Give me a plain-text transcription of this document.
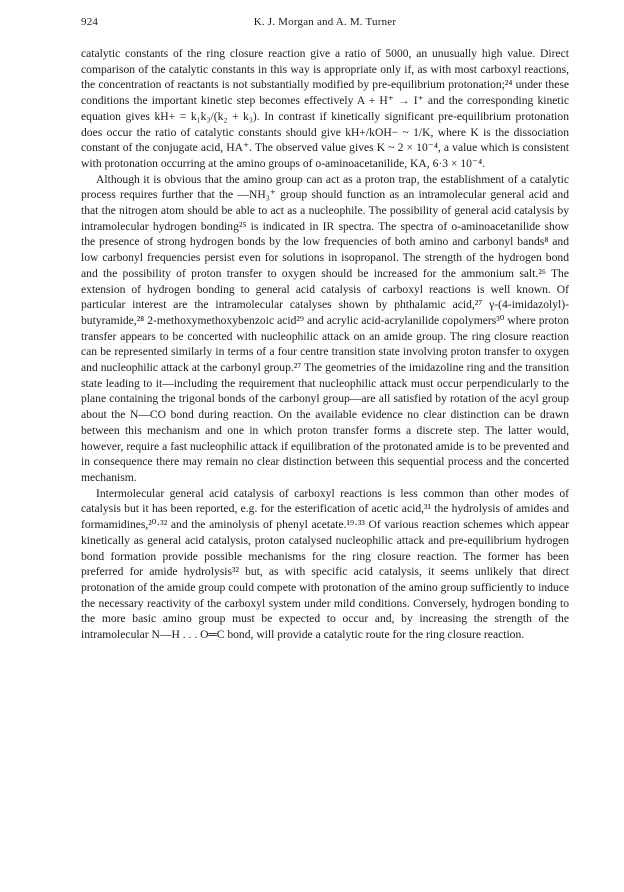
924	K. J. Morgan and A. M. Turner

catalytic constants of the ring closure reaction give a ratio of 5000, an unusually high value. Direct comparison of the catalytic constants in this way is appropriate only if, as with most carboxyl reactions, the concentration of reactants is not substantially modified by pre-equilibrium protonation;²⁴ under these conditions the important kinetic step becomes effectively A + H⁺ → I⁺ and the corresponding kinetic equation gives kH+ = k₁k₃/(k₂ + k₃). In contrast if kinetically significant pre-equilibrium protonation does occur the ratio of catalytic constants should give kH+/kOH− ~ 1/K, where K is the dissociation constant of the conjugate acid, HA⁺. The observed value gives K ~ 2 × 10⁻⁴, a value which is consistent with protonation occurring at the amino groups of o-aminoacetanilide, KA, 6·3 × 10⁻⁴.

Although it is obvious that the amino group can act as a proton trap, the establishment of a catalytic process requires further that the —NH₃⁺ group should function as an intramolecular general acid and that the nitrogen atom should be able to act as a nucleophile. The possibility of general acid catalysis by intramolecular hydrogen bonding²⁵ is indicated in IR spectra. The spectra of o-aminoacetanilide show the presence of strong hydrogen bonds by the low frequencies of both amino and carbonyl bands⁸ and low carbonyl frequencies persist even for solutions in isopropanol. The strength of the hydrogen bond and the possibility of proton transfer to oxygen should be increased for the ammonium salt.²⁶ The extension of hydrogen bonding to general acid catalysis of carboxyl reactions is well known. Of particular interest are the intramolecular catalyses shown by phthalamic acid,²⁷ γ-(4-imidazolyl)-butyramide,²⁸ 2-methoxymethoxybenzoic acid²⁹ and acrylic acid-acrylanilide copolymers³⁰ where proton transfer appears to be concerted with nucleophilic attack on an amide group. The ring closure reaction can be represented similarly in terms of a four centre transition state involving proton transfer to oxygen and nucleophilic attack at the carbonyl group.²⁷ The geometries of the imidazoline ring and the transition state leading to it—including the requirement that nucleophilic attack must occur perpendicularly to the plane containing the trigonal bonds of the carbonyl group—are all satisfied by rotation of the acyl group about the N—CO bond during reaction. On the available evidence no clear distinction can be drawn between this mechanism and one in which proton transfer forms a discrete step. The latter would, however, require a fast nucleophilic attack if equilibration of the protonated amide is to be prevented and in consequence there may remain no clear distinction between this sequential process and the concerted mechanism.

Intermolecular general acid catalysis of carboxyl reactions is less common than other modes of catalysis but it has been reported, e.g. for the esterification of acetic acid,³¹ the hydrolysis of amides and formamidines,²⁰·³² and the aminolysis of phenyl acetate.¹⁹·³³ Of various reaction schemes which appear kinetically as general acid catalysis, proton catalysed nucleophilic attack and pre-equilibrium hydrogen bond formation provide possible mechanisms for the ring closure reaction. The former has been preferred for amide hydrolysis³² but, as with specific acid catalysis, it seems unlikely that direct protonation of the amide group could compete with protonation of the amino group sufficiently to induce the necessary reactivity of the carboxyl system under mild conditions. Conversely, hydrogen bonding to the more basic amino group must be expected to occur and, by increasing the strength of the intramolecular N—H . . . O═C bond, will provide a catalytic route for the ring closure reaction.
